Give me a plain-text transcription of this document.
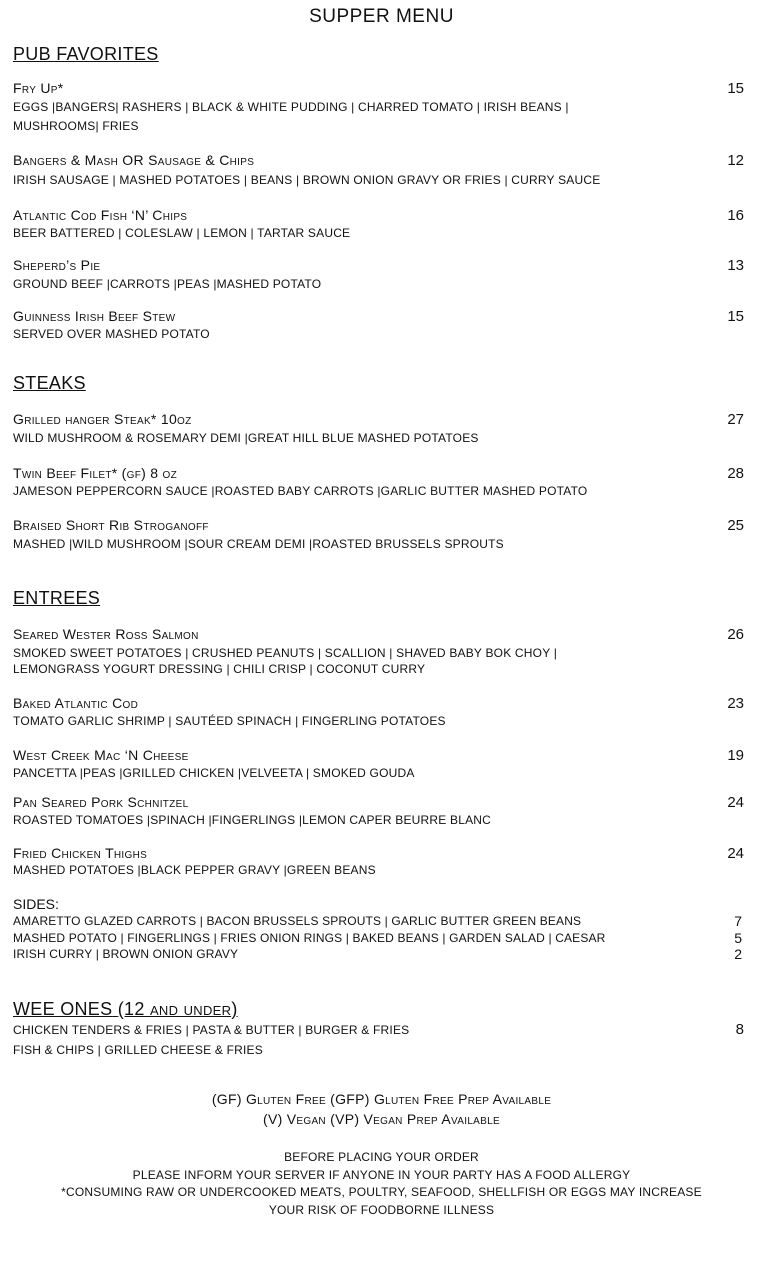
SUPPER MENU
PUB FAVORITES
Fry Up*	15
EGGS |BANGERS| RASHERS | BLACK & WHITE PUDDING | CHARRED TOMATO | IRISH BEANS |
MUSHROOMS| FRIES
Bangers & Mash OR Sausage & Chips	12
IRISH SAUSAGE | MASHED POTATOES | BEANS | BROWN ONION GRAVY OR FRIES | CURRY SAUCE
Atlantic Cod Fish ‘N’ Chips	16
BEER BATTERED | COLESLAW | LEMON | TARTAR SAUCE
Sheperd’s Pie	13
GROUND BEEF |CARROTS |PEAS |MASHED POTATO
Guinness Irish Beef Stew	15
SERVED OVER MASHED POTATO
STEAKS
Grilled hanger Steak* 10oz	27
WILD MUSHROOM & ROSEMARY DEMI |GREAT HILL BLUE MASHED POTATOES
Twin Beef Filet* (gf) 8 oz	28
JAMESON PEPPERCORN SAUCE |ROASTED BABY CARROTS |GARLIC BUTTER MASHED POTATO
Braised Short Rib Stroganoff	25
MASHED |WILD MUSHROOM |SOUR CREAM DEMI |ROASTED BRUSSELS SPROUTS
ENTREES
Seared Wester Ross Salmon	26
SMOKED SWEET POTATOES | CRUSHED PEANUTS | SCALLION | SHAVED BABY BOK CHOY |
LEMONGRASS YOGURT DRESSING | CHILI CRISP | COCONUT CURRY
Baked Atlantic Cod	23
TOMATO GARLIC SHRIMP | SAUTÉED SPINACH | FINGERLING POTATOES
West Creek Mac ‘N Cheese	19
PANCETTA |PEAS |GRILLED CHICKEN |VELVEETA | SMOKED GOUDA
Pan Seared Pork Schnitzel	24
ROASTED TOMATOES |SPINACH |FINGERLINGS |LEMON CAPER BEURRE BLANC
Fried Chicken Thighs	24
MASHED POTATOES |BLACK PEPPER GRAVY |GREEN BEANS
SIDES:
AMARETTO GLAZED CARROTS | BACON BRUSSELS SPROUTS | GARLIC BUTTER GREEN BEANS	7
MASHED POTATO | FINGERLINGS | FRIES ONION RINGS | BAKED BEANS | GARDEN SALAD | CAESAR	5
IRISH CURRY | BROWN ONION GRAVY	2
WEE ONES (12 and under)
CHICKEN TENDERS & FRIES | PASTA & BUTTER | BURGER & FRIES	8
FISH & CHIPS | GRILLED CHEESE & FRIES
(GF) Gluten Free (GFP) Gluten Free Prep Available
(V) Vegan (VP) Vegan Prep Available
BEFORE PLACING YOUR ORDER
PLEASE INFORM YOUR SERVER IF ANYONE IN YOUR PARTY HAS A FOOD ALLERGY
*CONSUMING RAW OR UNDERCOOKED MEATS, POULTRY, SEAFOOD, SHELLFISH OR EGGS MAY INCREASE
YOUR RISK OF FOODBORNE ILLNESS
